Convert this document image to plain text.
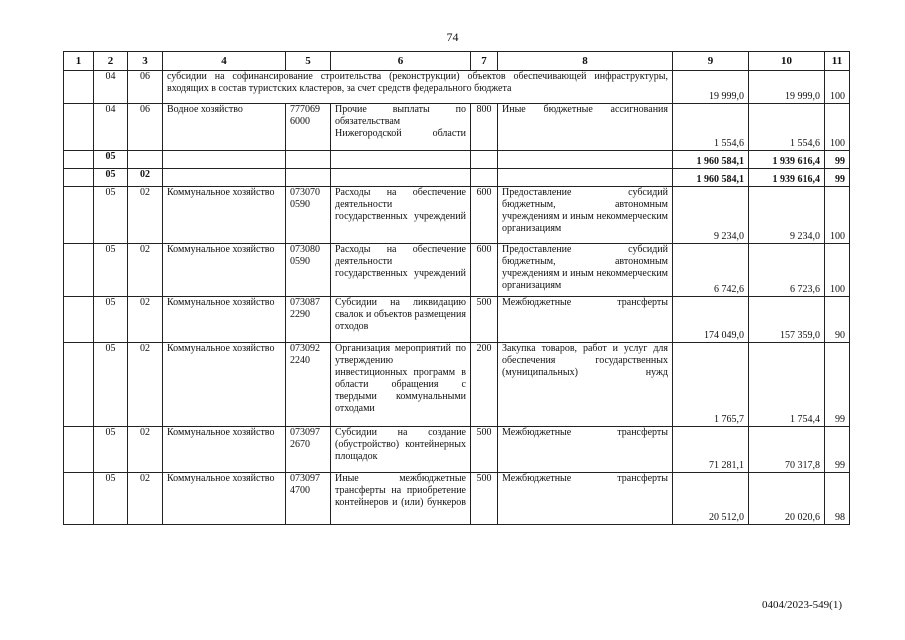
74
1	2	3	4	5	6	7	8	9	10	11
	04	06	субсидии на софинансирование строительства (реконструкции) объектов обеспечивающей инфраструктуры, входящих в состав туристских кластеров, за счет средств федерального бюджета					19 999,0	19 999,0	100
	04	06	Водное хозяйство	777069 6000	Прочие выплаты по обязательствам Нижегородской области	800	Иные бюджетные ассигнования	1 554,6	1 554,6	100
	05							1 960 584,1	1 939 616,4	99
	05	02						1 960 584,1	1 939 616,4	99
	05	02	Коммунальное хозяйство	073070 0590	Расходы на обеспечение деятельности государственных учреждений	600	Предоставление субсидий бюджетным, автономным учреждениям и иным некоммерческим организациям	9 234,0	9 234,0	100
	05	02	Коммунальное хозяйство	073080 0590	Расходы на обеспечение деятельности государственных учреждений	600	Предоставление субсидий бюджетным, автономным учреждениям и иным некоммерческим организациям	6 742,6	6 723,6	100
	05	02	Коммунальное хозяйство	073087 2290	Субсидии на ликвидацию свалок и объектов размещения отходов	500	Межбюджетные трансферты	174 049,0	157 359,0	90
	05	02	Коммунальное хозяйство	073092 2240	Организация мероприятий по утверждению инвестиционных программ в области обращения с твердыми коммунальными отходами	200	Закупка товаров, работ и услуг для обеспечения государственных (муниципальных) нужд	1 765,7	1 754,4	99
	05	02	Коммунальное хозяйство	073097 2670	Субсидии на создание (обустройство) контейнерных площадок	500	Межбюджетные трансферты	71 281,1	70 317,8	99
	05	02	Коммунальное хозяйство	073097 4700	Иные межбюджетные трансферты на приобретение контейнеров и (или) бункеров	500	Межбюджетные трансферты	20 512,0	20 020,6	98
0404/2023-549(1)
